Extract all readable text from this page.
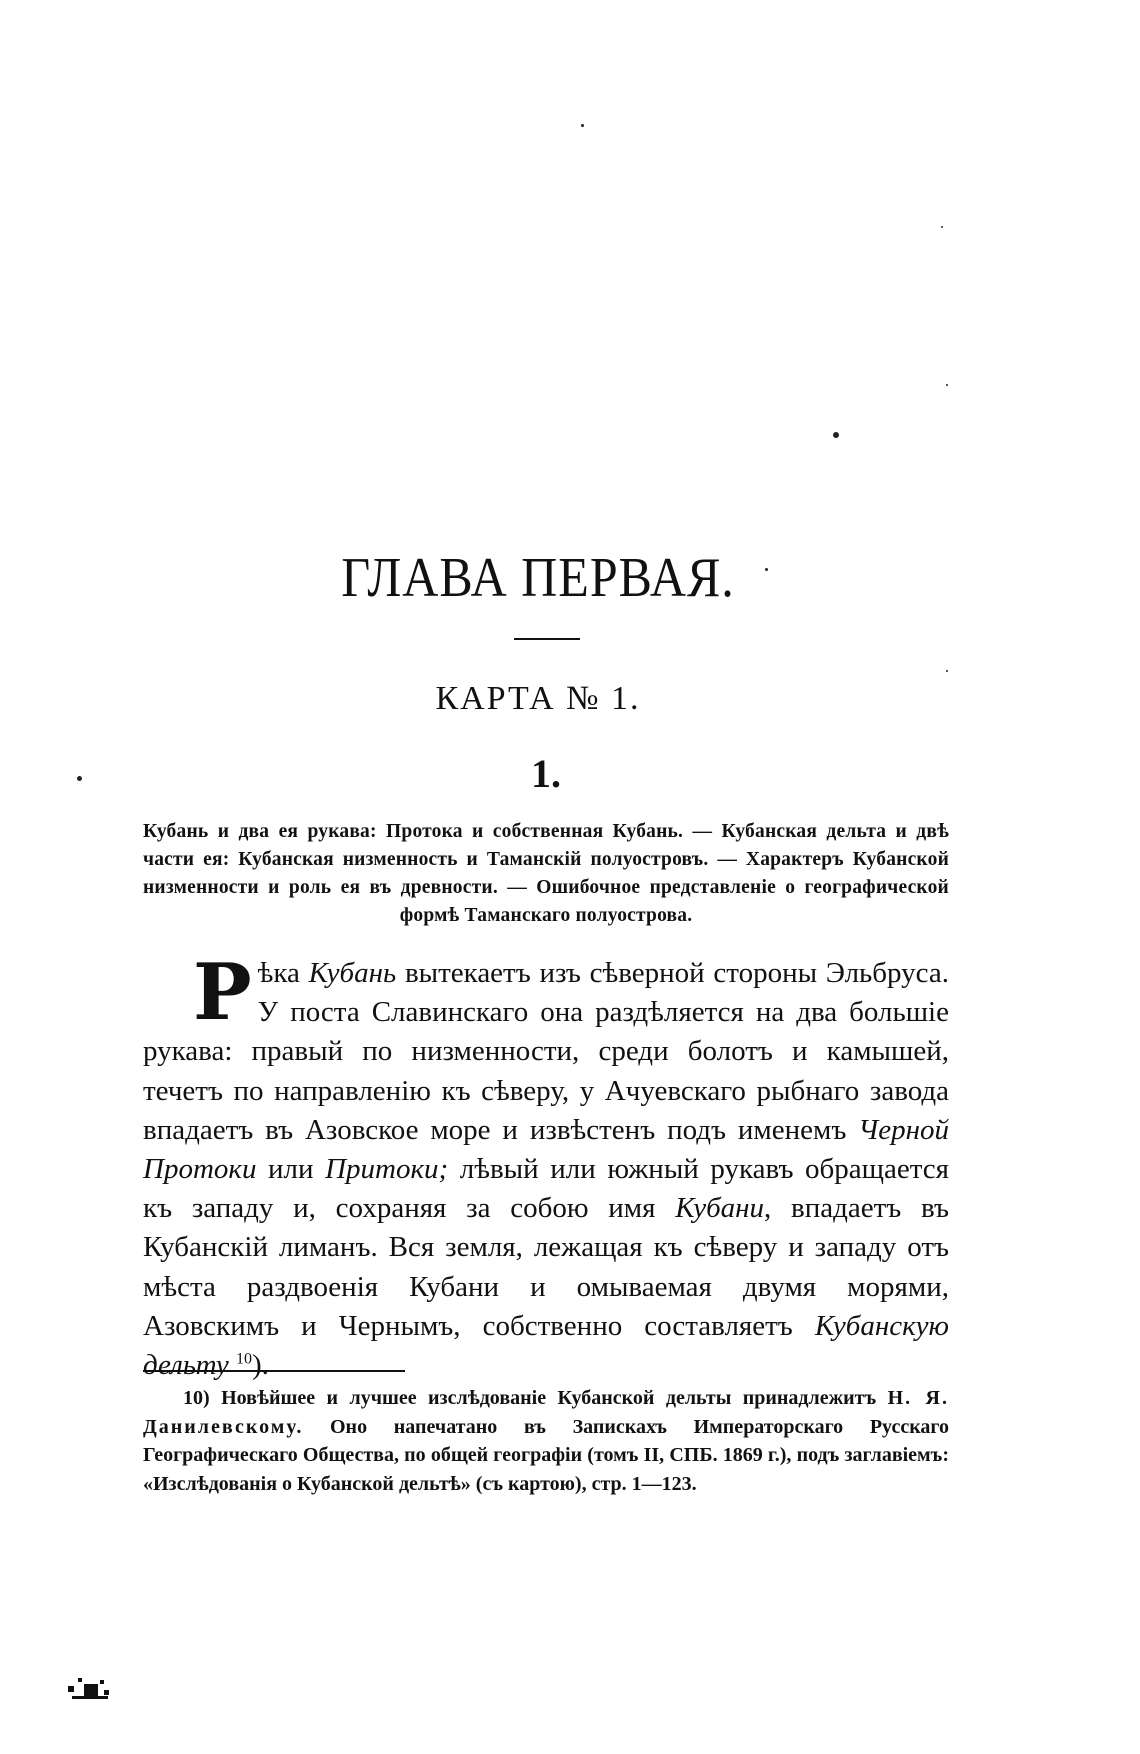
ГЛАВА ПЕРВАЯ.
КАРТА № 1.
1.
Кубань и два ея рукава: Протока и собственная Кубань. — Кубанская дельта и двѣ части ея: Кубанская низменность и Таманскій полуостровъ. — Характеръ Кубанской низменности и роль ея въ древности. — Ошибочное представленіе о географической формѣ Таманскаго полуострова.

Рѣка Кубань вытекаетъ изъ сѣверной стороны Эльбруса. У поста Славинскаго она раздѣляется на два большіе рукава: правый по низменности, среди болотъ и камышей, течетъ по направленію къ сѣверу, у Ачуевскаго рыбнаго завода впадаетъ въ Азовское море и извѣстенъ подъ именемъ Черной Протоки или Притоки; лѣвый или южный рукавъ обращается къ западу и, сохраняя за собою имя Кубани, впадаетъ въ Кубанскій лиманъ. Вся земля, лежащая къ сѣверу и западу отъ мѣста раздвоенія Кубани и омываемая двумя морями, Азовскимъ и Чернымъ, собственно составляетъ Кубанскую дельту $^{10}$).

10) Новѣйшее и лучшее изслѣдованіе Кубанской дельты принадлежитъ Н. Я. Данилевскому. Оно напечатано въ Запискахъ Императорскаго Русскаго Географическаго Общества, по общей географіи (томъ II, СПБ. 1869 г.), подъ заглавіемъ: «Изслѣдованія о Кубанской дельтѣ» (съ картою), стр. 1—123.
